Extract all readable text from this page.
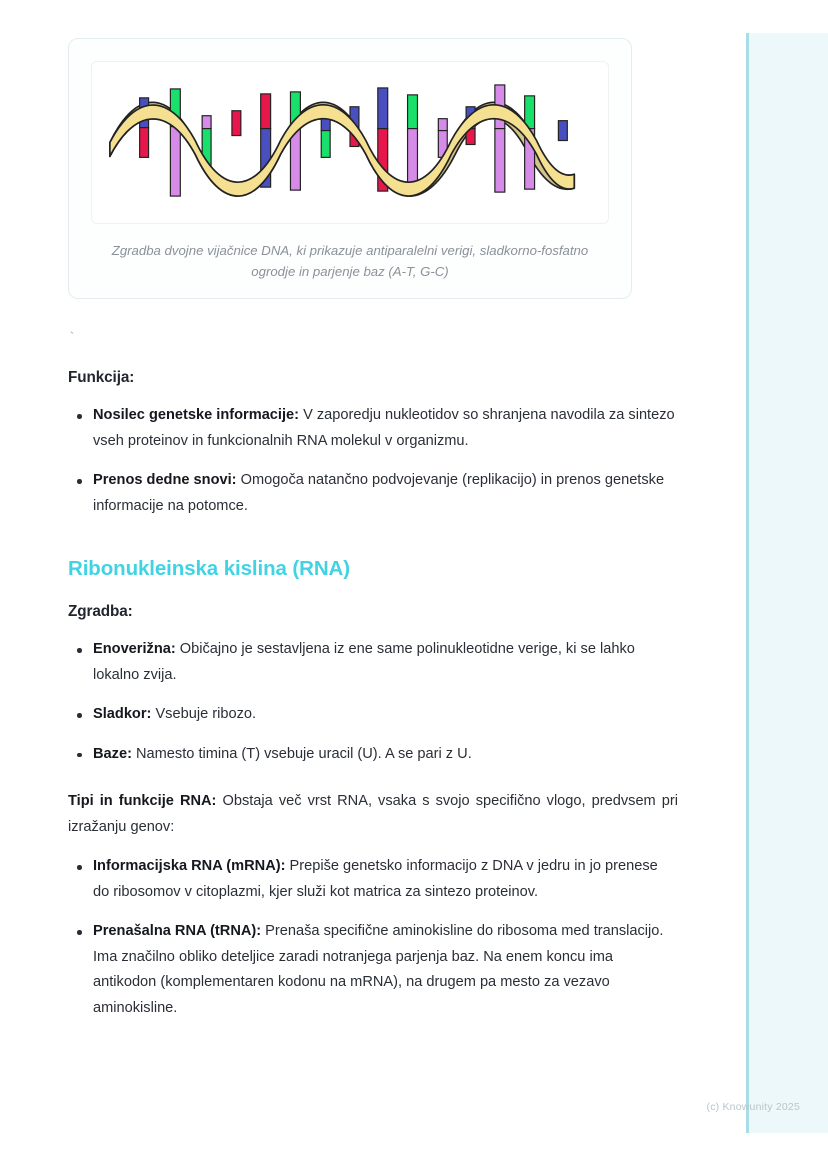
Zgradba dvojne vijačnice DNA, ki prikazuje antiparalelni verigi, sladkorno-fosfatno ogrodje in parjenje baz (A-T, G-C)
`
Funkcija:
Nosilec genetske informacije: V zaporedju nukleotidov so shranjena navodila za sintezo vseh proteinov in funkcionalnih RNA molekul v organizmu.
Prenos dedne snovi: Omogoča natančno podvojevanje (replikacijo) in prenos genetske informacije na potomce.
Ribonukleinska kislina (RNA)
Zgradba:
Enoverižna: Običajno je sestavljena iz ene same polinukleotidne verige, ki se lahko lokalno zvija.
Sladkor: Vsebuje ribozo.
Baze: Namesto timina (T) vsebuje uracil (U). A se pari z U.

Tipi in funkcije RNA: Obstaja več vrst RNA, vsaka s svojo specifično vlogo, predvsem pri izražanju genov:

Informacijska RNA (mRNA): Prepiše genetsko informacijo z DNA v jedru in jo prenese do ribosomov v citoplazmi, kjer služi kot matrica za sintezo proteinov.
Prenašalna RNA (tRNA): Prenaša specifične aminokisline do ribosoma med translacijo. Ima značilno obliko deteljice zaradi notranjega parjenja baz. Na enem koncu ima antikodon (komplementaren kodonu na mRNA), na drugem pa mesto za vezavo aminokisline.
(c) Knowunity 2025
